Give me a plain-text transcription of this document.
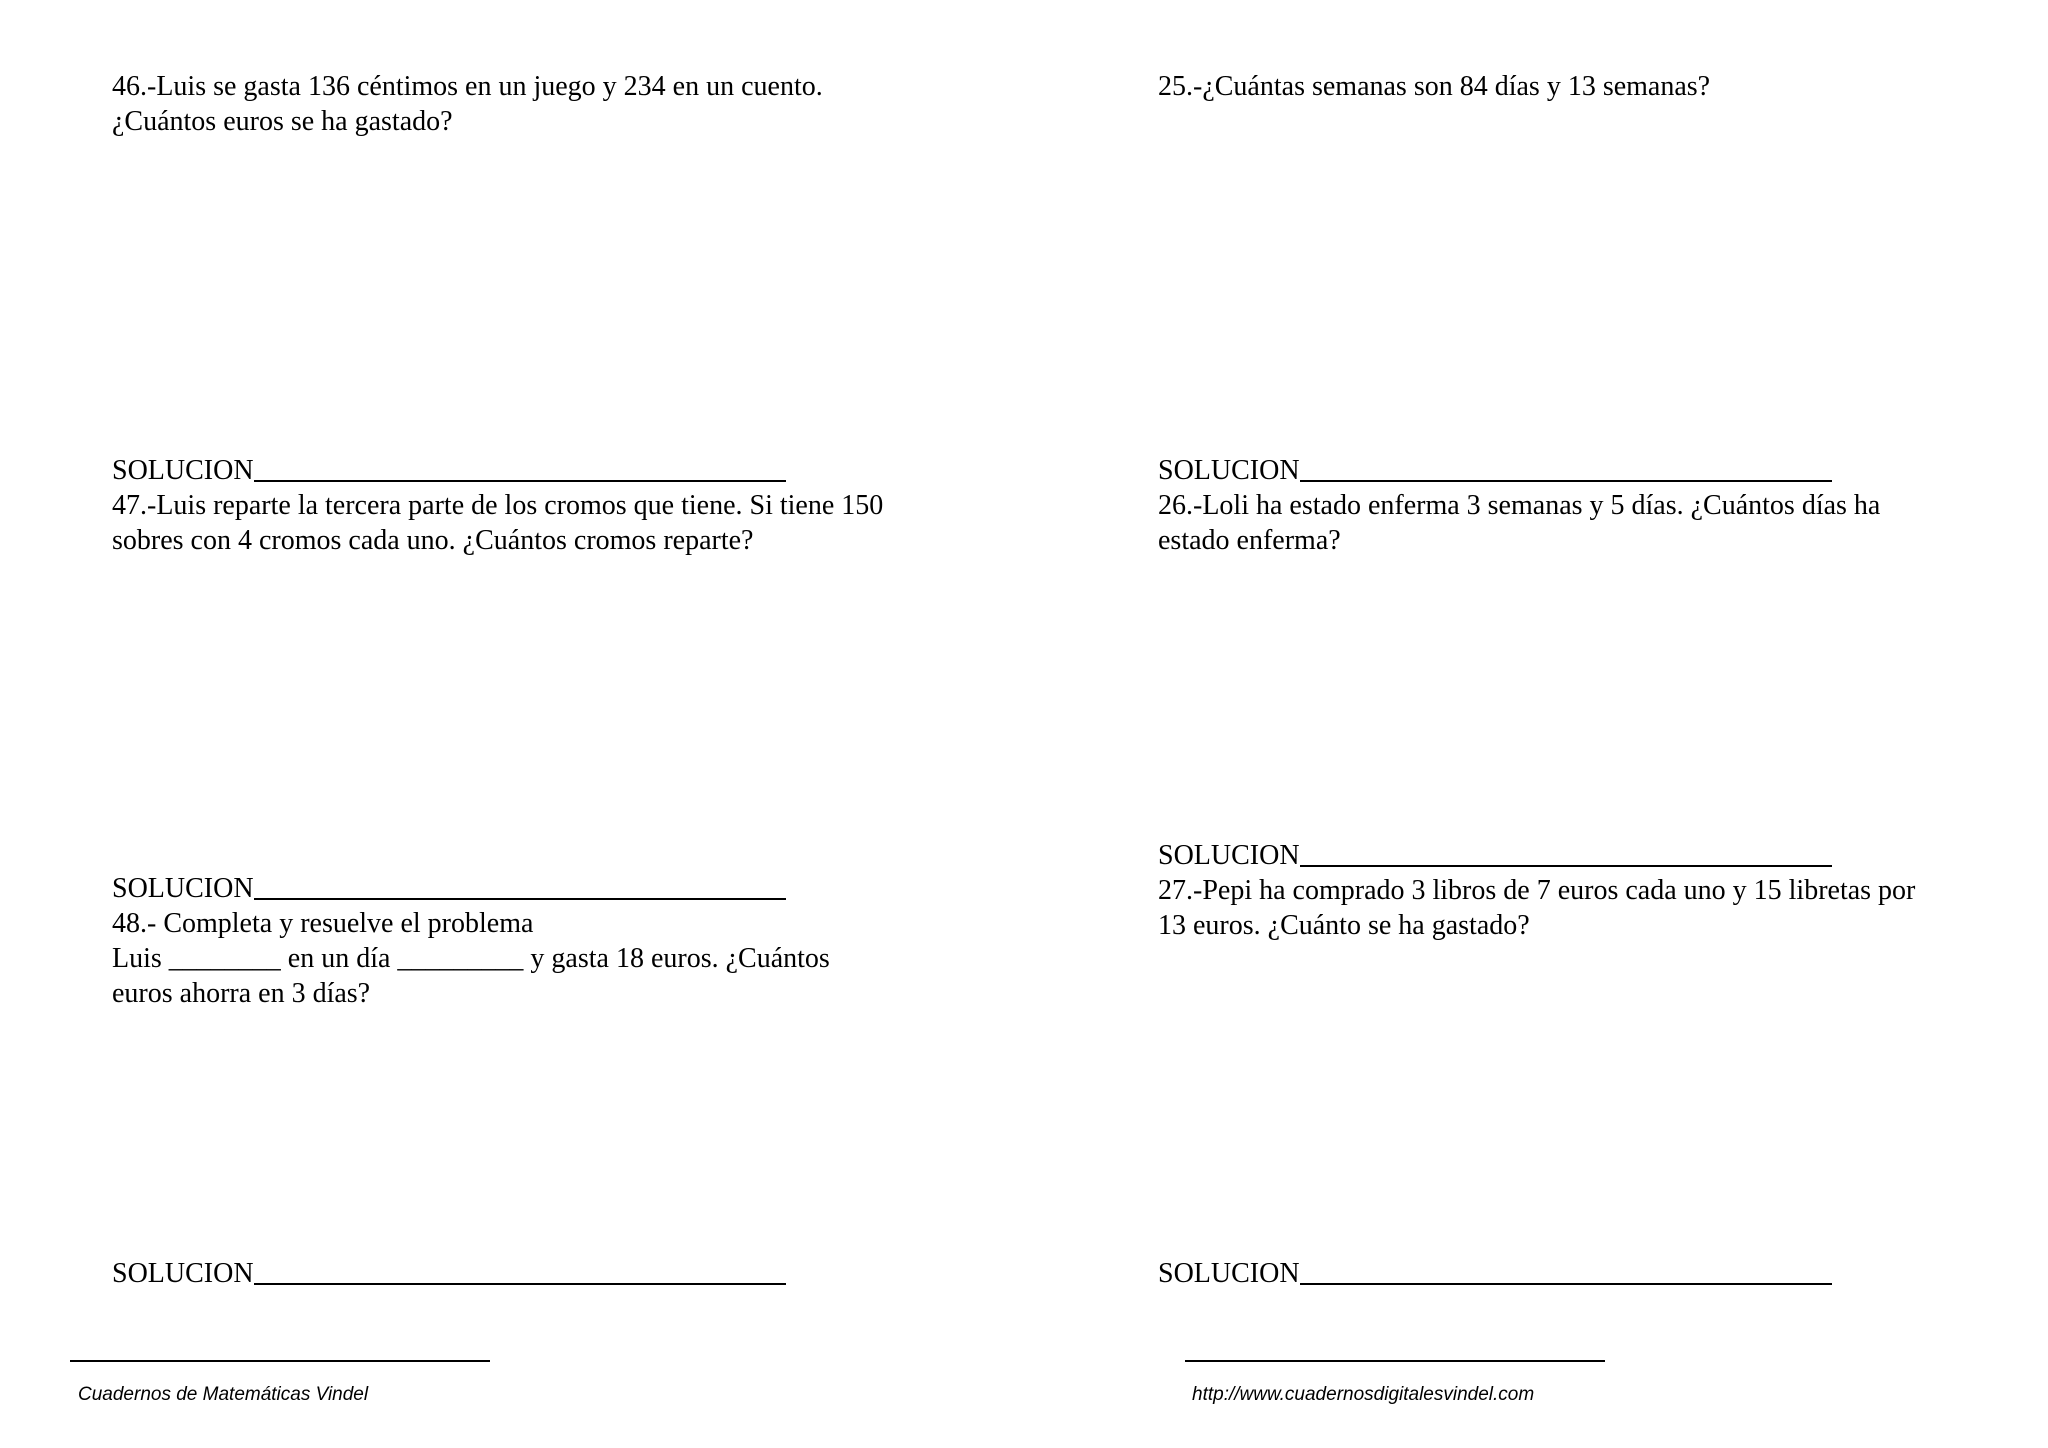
46.-Luis se gasta 136 céntimos en un juego y 234 en un cuento.
¿Cuántos euros se ha gastado?

SOLUCION

47.-Luis reparte la tercera parte de los cromos que tiene. Si tiene 150
sobres con 4 cromos cada uno. ¿Cuántos cromos reparte?

SOLUCION

48.- Completa y resuelve el problema
Luis ________ en un día _________ y gasta 18 euros. ¿Cuántos
euros ahorra en 3 días?

SOLUCION

25.-¿Cuántas semanas son 84 días y 13 semanas?

SOLUCION

26.-Loli ha estado enferma 3 semanas y 5 días. ¿Cuántos días ha
estado enferma?

SOLUCION

27.-Pepi ha comprado 3 libros de 7 euros cada uno y 15 libretas por
13 euros. ¿Cuánto se ha gastado?

SOLUCION
Cuadernos de Matemáticas Vindel	http://www.cuadernosdigitalesvindel.com
